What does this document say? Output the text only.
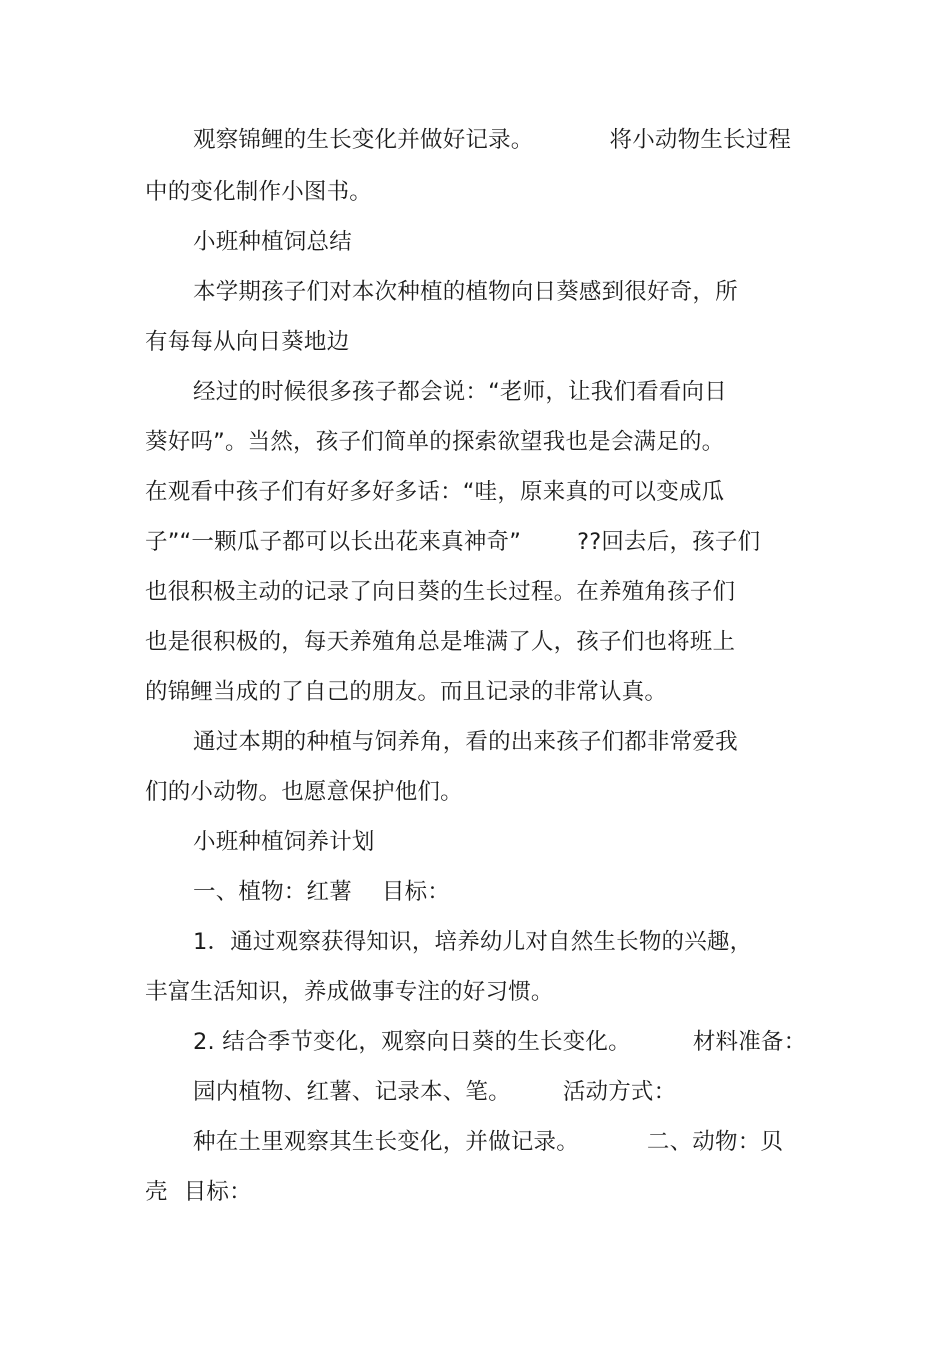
观察锦鲤的生长变化并做好记录。	将小动物生长过程
中的变化制作小图书。
小班种植饲总结
本学期孩子们对本次种植的植物向日葵感到很好奇，所
有每每从向日葵地边
经过的时候很多孩子都会说：“老师，让我们看看向日
葵好吗”。当然，孩子们简单的探索欲望我也是会满足的。
在观看中孩子们有好多好多话：“哇，原来真的可以变成瓜
子”“一颗瓜子都可以长出花来真神奇” ??回去后，孩子们
也很积极主动的记录了向日葵的生长过程。在养殖角孩子们
也是很积极的，每天养殖角总是堆满了人，孩子们也将班上
的锦鲤当成的了自己的朋友。而且记录的非常认真。
通过本期的种植与饲养角，看的出来孩子们都非常爱我
们的小动物。也愿意保护他们。
小班种植饲养计划
一、植物：红薯 目标：
1．通过观察获得知识，培养幼儿对自然生长物的兴趣，
丰富生活知识，养成做事专注的好习惯。
2. 结合季节变化，观察向日葵的生长变化。	材料准备：
园内植物、红薯、记录本、笔。 活动方式：
种在土里观察其生长变化，并做记录。	二、动物：贝
壳 目标：
